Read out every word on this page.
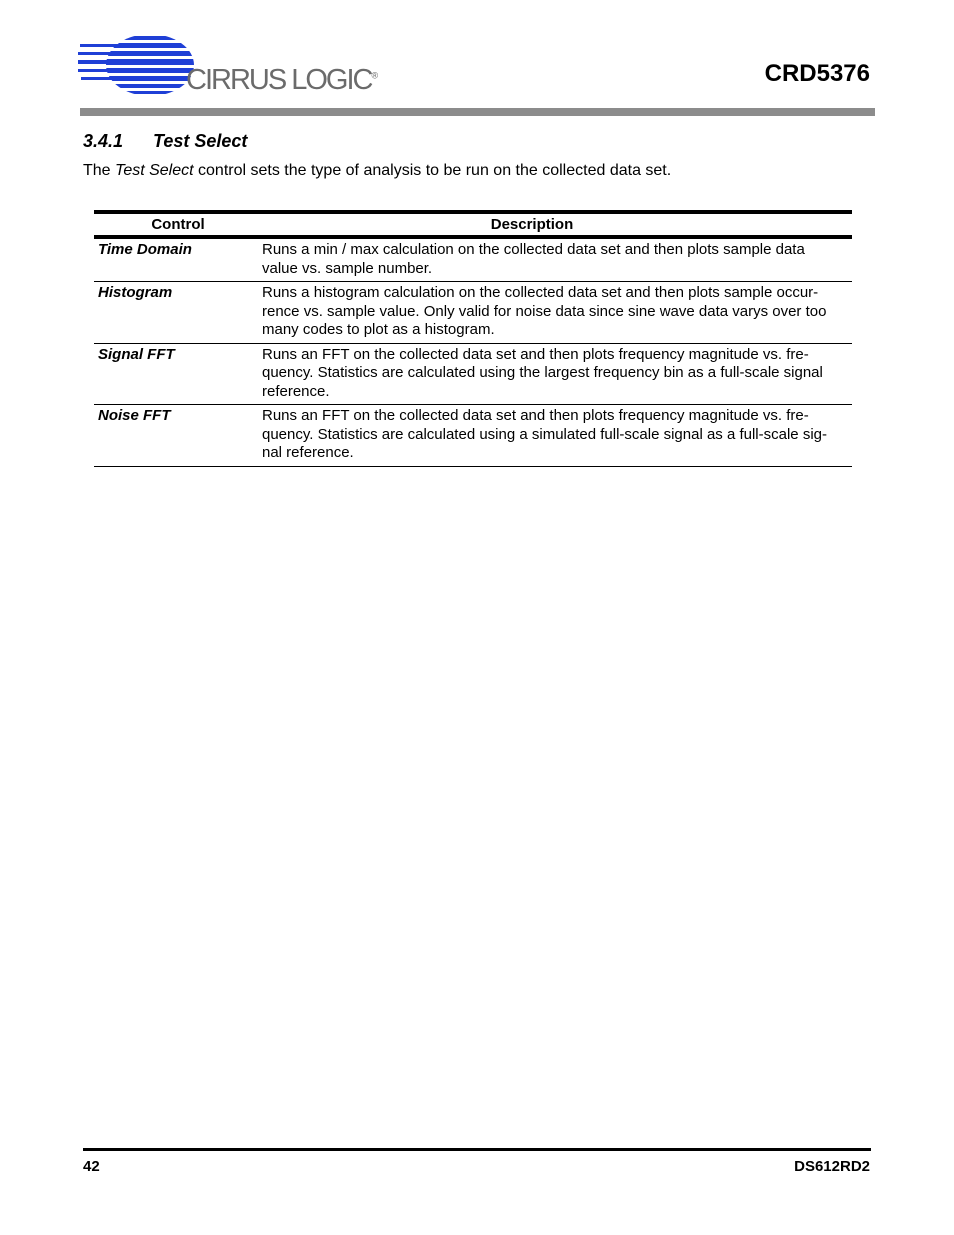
CIRRUS LOGIC®	CRD5376
3.4.1 Test Select
The Test Select control sets the type of analysis to be run on the collected data set.
Control	Description
Time Domain	Runs a min / max calculation on the collected data set and then plots sample data
value vs. sample number.
Histogram	Runs a histogram calculation on the collected data set and then plots sample occur-
rence vs. sample value. Only valid for noise data since sine wave data varys over too
many codes to plot as a histogram.
Signal FFT	Runs an FFT on the collected data set and then plots frequency magnitude vs. fre-
quency. Statistics are calculated using the largest frequency bin as a full-scale signal
reference.
Noise FFT	Runs an FFT on the collected data set and then plots frequency magnitude vs. fre-
quency. Statistics are calculated using a simulated full-scale signal as a full-scale sig-
nal reference.
42	DS612RD2
